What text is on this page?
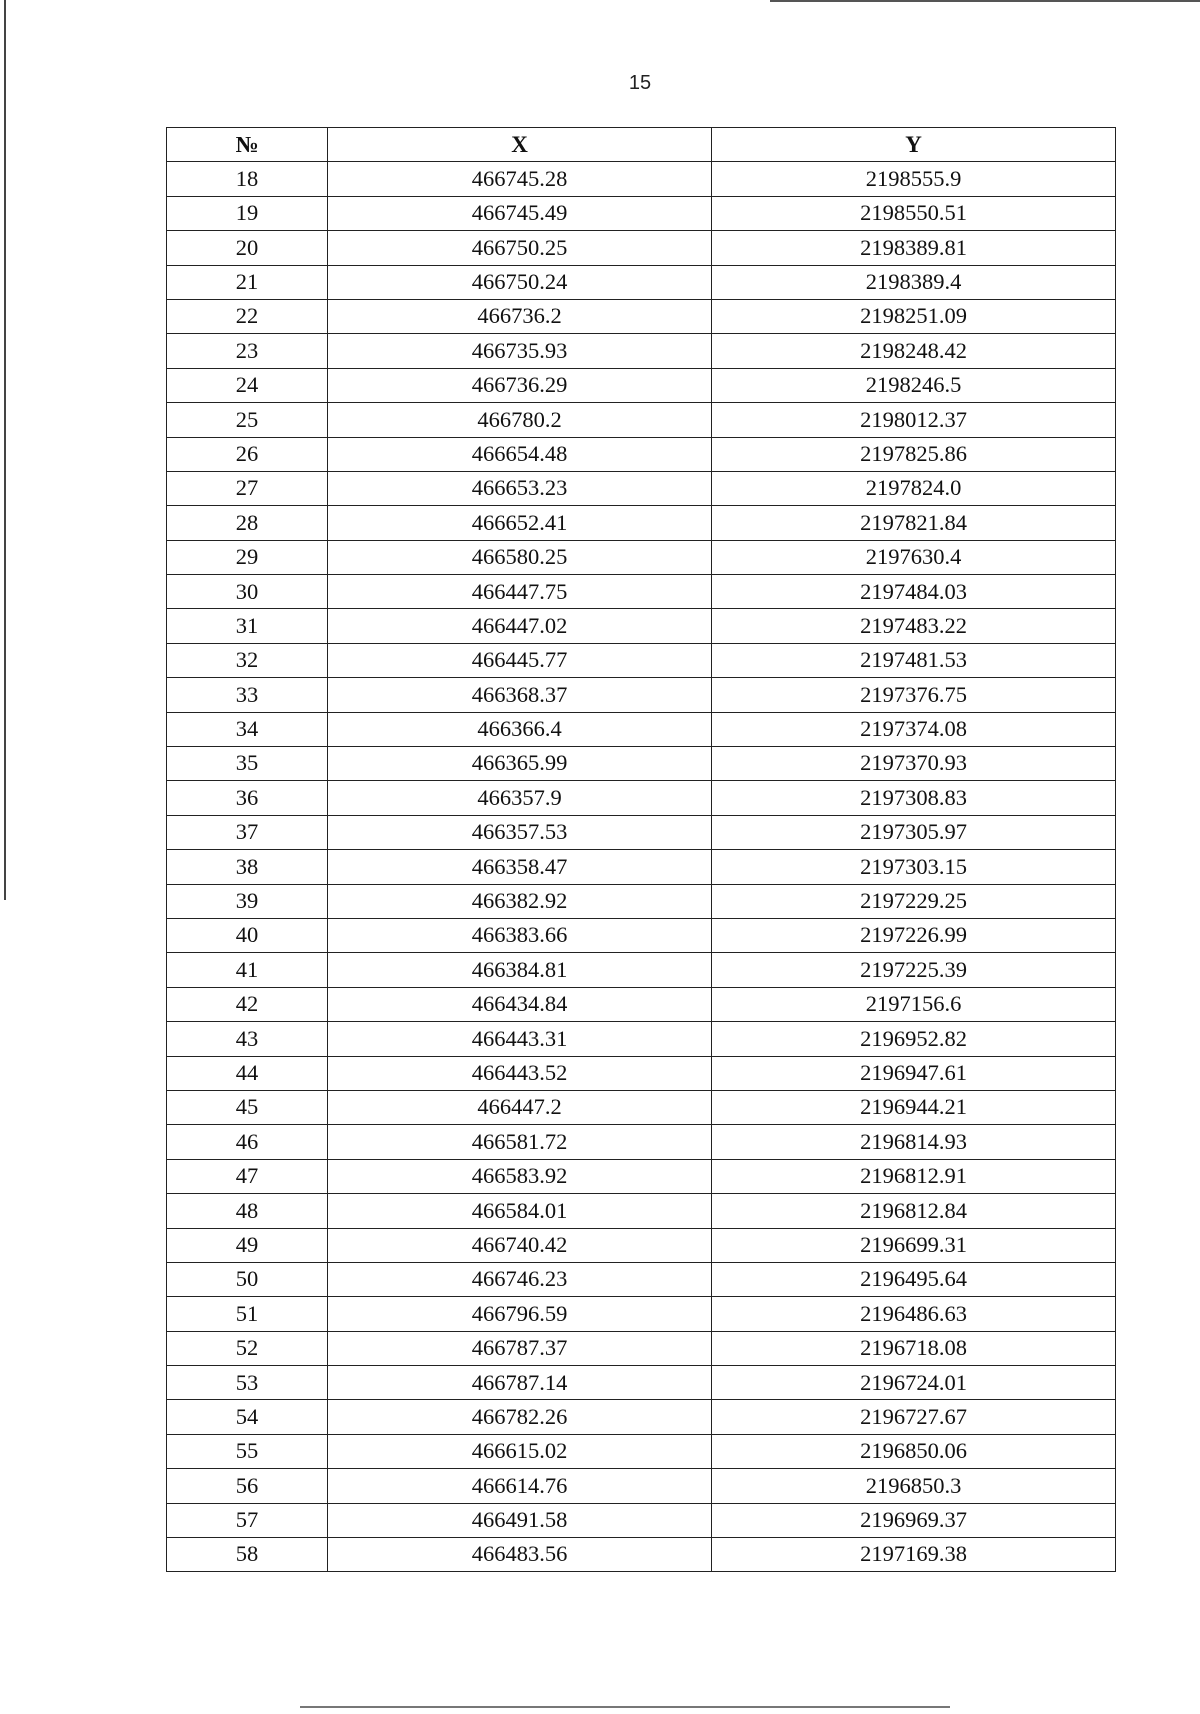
15
№	X	Y
18	466745.28	2198555.9
19	466745.49	2198550.51
20	466750.25	2198389.81
21	466750.24	2198389.4
22	466736.2	2198251.09
23	466735.93	2198248.42
24	466736.29	2198246.5
25	466780.2	2198012.37
26	466654.48	2197825.86
27	466653.23	2197824.0
28	466652.41	2197821.84
29	466580.25	2197630.4
30	466447.75	2197484.03
31	466447.02	2197483.22
32	466445.77	2197481.53
33	466368.37	2197376.75
34	466366.4	2197374.08
35	466365.99	2197370.93
36	466357.9	2197308.83
37	466357.53	2197305.97
38	466358.47	2197303.15
39	466382.92	2197229.25
40	466383.66	2197226.99
41	466384.81	2197225.39
42	466434.84	2197156.6
43	466443.31	2196952.82
44	466443.52	2196947.61
45	466447.2	2196944.21
46	466581.72	2196814.93
47	466583.92	2196812.91
48	466584.01	2196812.84
49	466740.42	2196699.31
50	466746.23	2196495.64
51	466796.59	2196486.63
52	466787.37	2196718.08
53	466787.14	2196724.01
54	466782.26	2196727.67
55	466615.02	2196850.06
56	466614.76	2196850.3
57	466491.58	2196969.37
58	466483.56	2197169.38
